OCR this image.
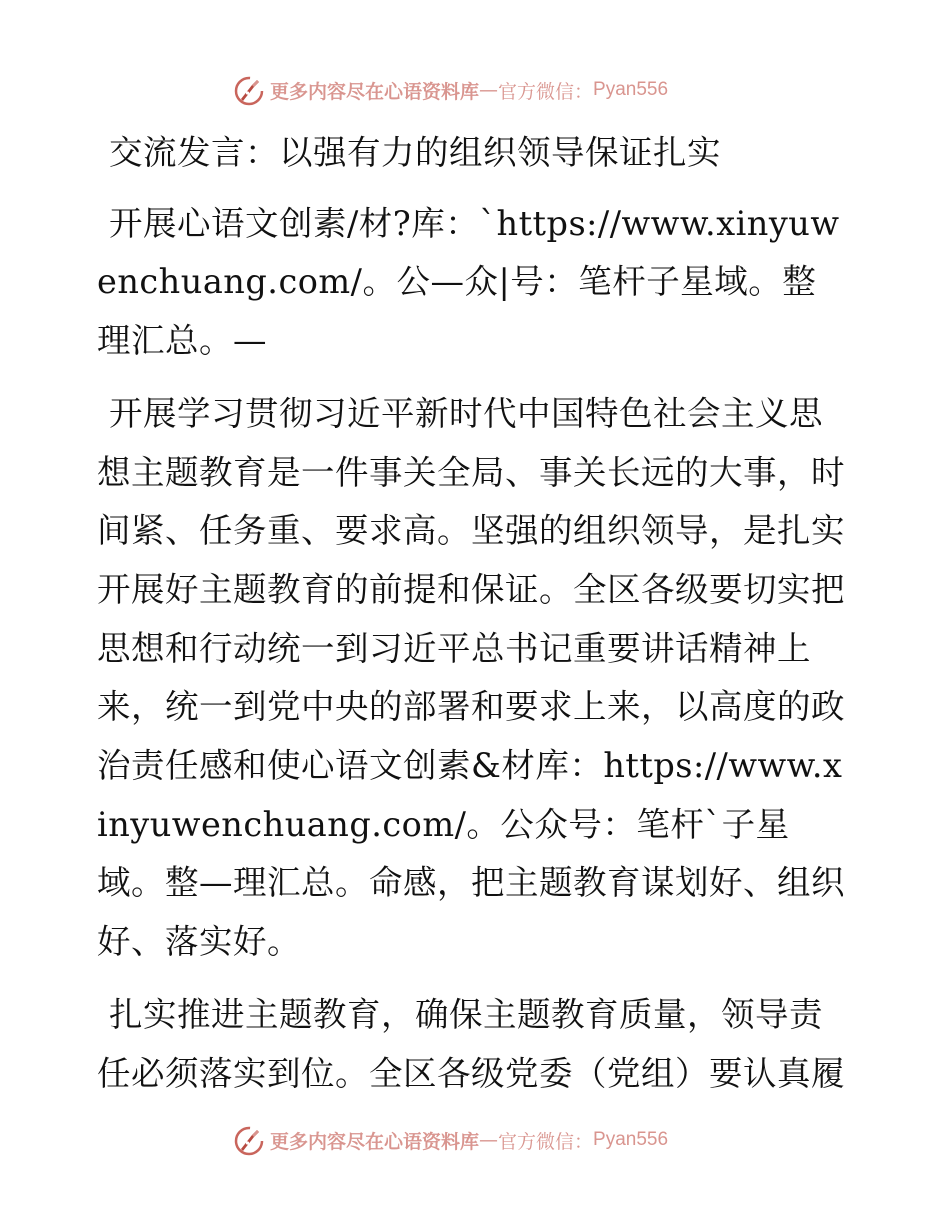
更多内容尽在心语资料库 — 官方微信： Pyan556

交流发言：以强有力的组织领导保证扎实

开展心语文创素/材?库：`https://www.xinyuwenchuang.com/。公—众|号：笔杆子星域。整理汇总。—

开展学习贯彻习近平新时代中国特色社会主义思想主题教育是一件事关全局、事关长远的大事，时间紧、任务重、要求高。坚强的组织领导，是扎实开展好主题教育的前提和保证。全区各级要切实把思想和行动统一到习近平总书记重要讲话精神上来，统一到党中央的部署和要求上来，以高度的政治责任感和使心语文创素&材库：https://www.xinyuwenchuang.com/。公众号：笔杆`子星域。整—理汇总。命感，把主题教育谋划好、组织好、落实好。

扎实推进主题教育，确保主题教育质量，领导责任必须落实到位。全区各级党委（党组）要认真履

更多内容尽在心语资料库 — 官方微信： Pyan556
